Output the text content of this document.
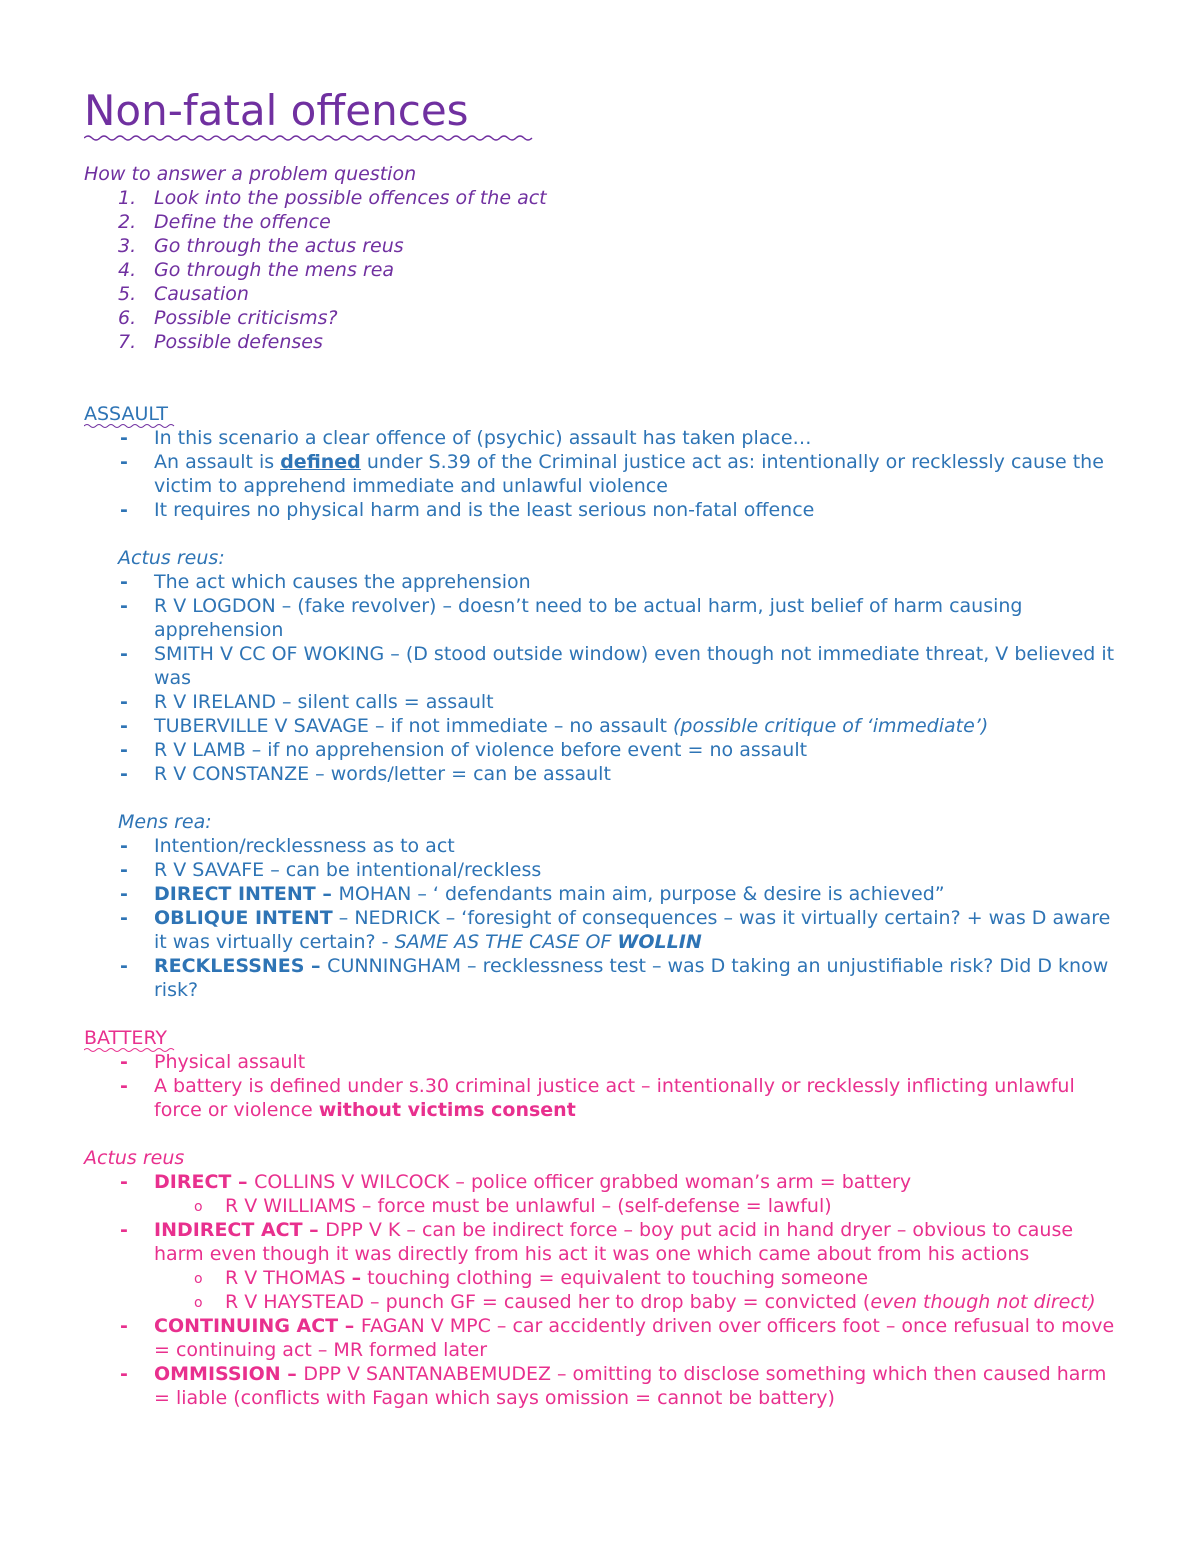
Non-fatal offences
How to answer a problem question
1. Look into the possible offences of the act
2. Define the offence
3. Go through the actus reus
4. Go through the mens rea
5. Causation
6. Possible criticisms?
7. Possible defenses
ASSAULT
- In this scenario a clear offence of (psychic) assault has taken place…
- An assault is defined under S.39 of the Criminal justice act as: intentionally or recklessly cause the victim to apprehend immediate and unlawful violence
- It requires no physical harm and is the least serious non-fatal offence
Actus reus:
- The act which causes the apprehension
- R V LOGDON – (fake revolver) – doesn’t need to be actual harm, just belief of harm causing apprehension
- SMITH V CC OF WOKING – (D stood outside window) even though not immediate threat, V believed it was
- R V IRELAND – silent calls = assault
- TUBERVILLE V SAVAGE – if not immediate – no assault (possible critique of ‘immediate’)
- R V LAMB – if no apprehension of violence before event = no assault
- R V CONSTANZE – words/letter = can be assault
Mens rea:
- Intention/recklessness as to act
- R V SAVAFE – can be intentional/reckless
- DIRECT INTENT – MOHAN – ‘ defendants main aim, purpose & desire is achieved”
- OBLIQUE INTENT – NEDRICK – ‘foresight of consequences – was it virtually certain? + was D aware it was virtually certain? - SAME AS THE CASE OF WOLLIN
- RECKLESSNES – CUNNINGHAM – recklessness test – was D taking an unjustifiable risk? Did D know risk?
BATTERY
- Physical assault
- A battery is defined under s.30 criminal justice act – intentionally or recklessly inflicting unlawful force or violence without victims consent
Actus reus
- DIRECT – COLLINS V WILCOCK – police officer grabbed woman’s arm = battery
o R V WILLIAMS – force must be unlawful – (self-defense = lawful)
- INDIRECT ACT – DPP V K – can be indirect force – boy put acid in hand dryer – obvious to cause harm even though it was directly from his act it was one which came about from his actions
o R V THOMAS – touching clothing = equivalent to touching someone
o R V HAYSTEAD – punch GF = caused her to drop baby = convicted (even though not direct)
- CONTINUING ACT – FAGAN V MPC – car accidently driven over officers foot – once refusual to move = continuing act – MR formed later
- OMMISSION – DPP V SANTANABEMUDEZ – omitting to disclose something which then caused harm = liable (conflicts with Fagan which says omission = cannot be battery)
